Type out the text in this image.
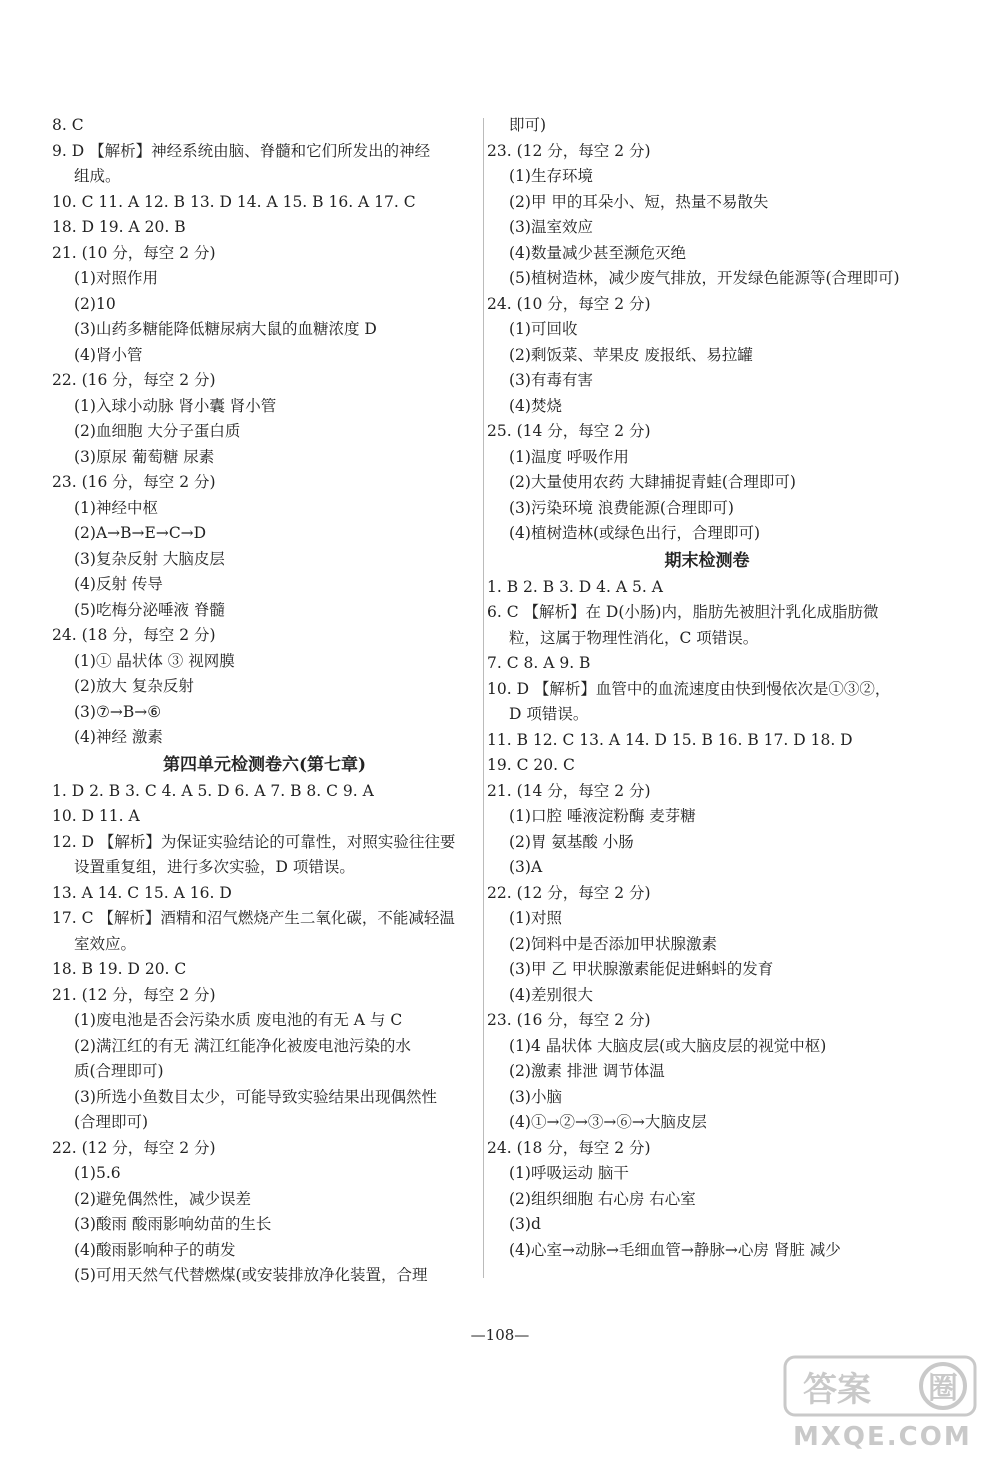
8. C
9. D 【解析】神经系统由脑、脊髓和它们所发出的神经
组成。
10. C 11. A 12. B 13. D 14. A 15. B 16. A 17. C
18. D 19. A 20. B
21. (10 分，每空 2 分)
(1)对照作用
(2)10
(3)山药多糖能降低糖尿病大鼠的血糖浓度 D
(4)肾小管
22. (16 分，每空 2 分)
(1)入球小动脉 肾小囊 肾小管
(2)血细胞 大分子蛋白质
(3)原尿 葡萄糖 尿素
23. (16 分，每空 2 分)
(1)神经中枢
(2)A→B→E→C→D
(3)复杂反射 大脑皮层
(4)反射 传导
(5)吃梅分泌唾液 脊髓
24. (18 分，每空 2 分)
(1)① 晶状体 ③ 视网膜
(2)放大 复杂反射
(3)⑦→B→⑥
(4)神经 激素
第四单元检测卷六(第七章)
1. D 2. B 3. C 4. A 5. D 6. A 7. B 8. C 9. A
10. D 11. A
12. D 【解析】为保证实验结论的可靠性，对照实验往往要
设置重复组，进行多次实验，D 项错误。
13. A 14. C 15. A 16. D
17. C 【解析】酒精和沼气燃烧产生二氧化碳，不能减轻温
室效应。
18. B 19. D 20. C
21. (12 分，每空 2 分)
(1)废电池是否会污染水质 废电池的有无 A 与 C
(2)满江红的有无 满江红能净化被废电池污染的水
质(合理即可)
(3)所选小鱼数目太少，可能导致实验结果出现偶然性
(合理即可)
22. (12 分，每空 2 分)
(1)5.6
(2)避免偶然性，减少误差
(3)酸雨 酸雨影响幼苗的生长
(4)酸雨影响种子的萌发
(5)可用天然气代替燃煤(或安装排放净化装置，合理
即可)
23. (12 分，每空 2 分)
(1)生存环境
(2)甲 甲的耳朵小、短，热量不易散失
(3)温室效应
(4)数量减少甚至濒危灭绝
(5)植树造林，减少废气排放，开发绿色能源等(合理即可)
24. (10 分，每空 2 分)
(1)可回收
(2)剩饭菜、苹果皮 废报纸、易拉罐
(3)有毒有害
(4)焚烧
25. (14 分，每空 2 分)
(1)温度 呼吸作用
(2)大量使用农药 大肆捕捉青蛙(合理即可)
(3)污染环境 浪费能源(合理即可)
(4)植树造林(或绿色出行，合理即可)
期末检测卷
1. B 2. B 3. D 4. A 5. A
6. C 【解析】在 D(小肠)内，脂肪先被胆汁乳化成脂肪微
粒，这属于物理性消化，C 项错误。
7. C 8. A 9. B
10. D 【解析】血管中的血流速度由快到慢依次是①③②，
D 项错误。
11. B 12. C 13. A 14. D 15. B 16. B 17. D 18. D
19. C 20. C
21. (14 分，每空 2 分)
(1)口腔 唾液淀粉酶 麦芽糖
(2)胃 氨基酸 小肠
(3)A
22. (12 分，每空 2 分)
(1)对照
(2)饲料中是否添加甲状腺激素
(3)甲 乙 甲状腺激素能促进蝌蚪的发育
(4)差别很大
23. (16 分，每空 2 分)
(1)4 晶状体 大脑皮层(或大脑皮层的视觉中枢)
(2)激素 排泄 调节体温
(3)小脑
(4)①→②→③→⑥→大脑皮层
24. (18 分，每空 2 分)
(1)呼吸运动 脑干
(2)组织细胞 右心房 右心室
(3)d
(4)心室→动脉→毛细血管→静脉→心房 肾脏 减少
—108—
答案 圈
MXQE.COM
